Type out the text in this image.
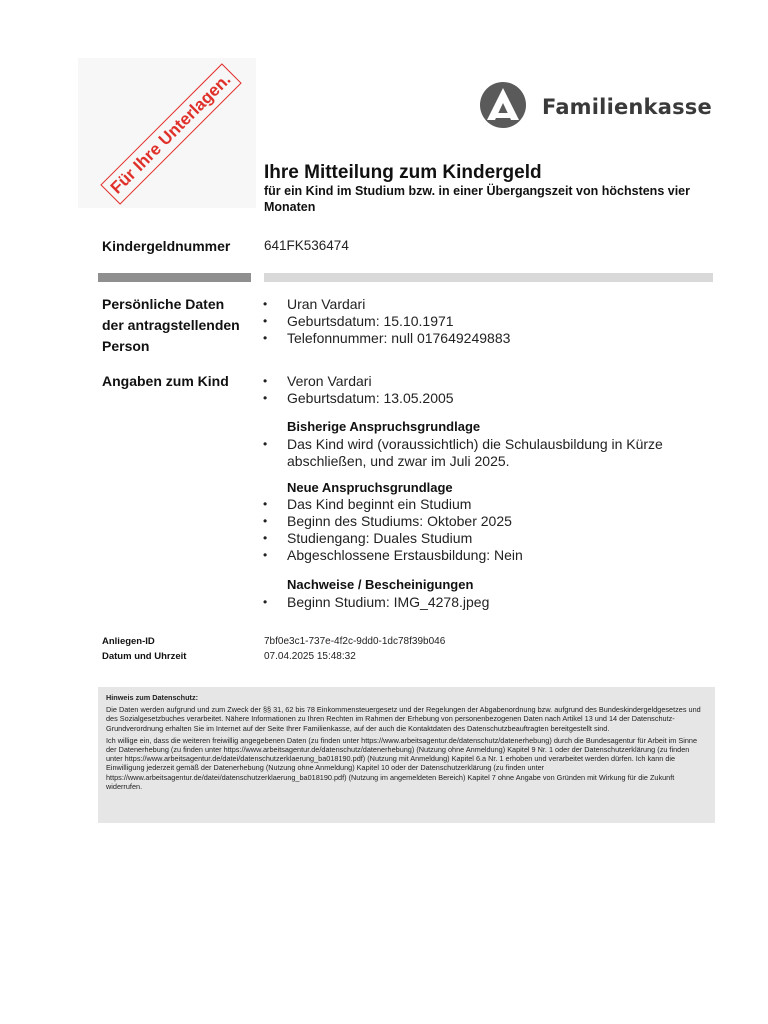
Für Ihre Unterlagen.	Familienkasse
Ihre Mitteilung zum Kindergeld
für ein Kind im Studium bzw. in einer Übergangszeit von höchstens vier Monaten
Kindergeldnummer 641FK536474
Persönliche Daten
der antragstellenden
Person
• Uran Vardari
• Geburtsdatum: 15.10.1971
• Telefonnummer: null 017649249883
Angaben zum Kind
•	Veron Vardari
• Geburtsdatum: 13.05.2005
Bisherige Anspruchsgrundlage
• Das Kind wird (voraussichtlich) die Schulausbildung in Kürze abschließen, und zwar im Juli 2025.
Neue Anspruchsgrundlage
• Das Kind beginnt ein Studium
• Beginn des Studiums: Oktober 2025
• Studiengang: Duales Studium
• Abgeschlossene Erstausbildung: Nein
Nachweise / Bescheinigungen
• Beginn Studium: IMG_4278.jpeg
Anliegen-ID	7bf0e3c1-737e-4f2c-9dd0-1dc78f39b046
Datum und Uhrzeit	07.04.2025 15:48:32

Hinweis zum Datenschutz:

Die Daten werden aufgrund und zum Zweck der §§ 31, 62 bis 78 Einkommensteuergesetz und der Regelungen der Abgabenordnung bzw. aufgrund des Bundeskindergeldgesetzes und des Sozialgesetzbuches verarbeitet. Nähere Informationen zu Ihren Rechten im Rahmen der Erhebung von personenbezogenen Daten nach Artikel 13 und 14 der Datenschutz-Grundverordnung erhalten Sie im Internet auf der Seite Ihrer Familienkasse, auf der auch die Kontaktdaten des Datenschutzbeauftragten bereitgestellt sind.

Ich willige ein, dass die weiteren freiwillig angegebenen Daten (zu finden unter https://www.arbeitsagentur.de/datenschutz/datenerhebung) durch die Bundesagentur für Arbeit im Sinne der Datenerhebung (zu finden unter https://www.arbeitsagentur.de/datenschutz/datenerhebung) (Nutzung ohne Anmeldung) Kapitel 9 Nr. 1 oder der Datenschutzerklärung (zu finden unter https://www.arbeitsagentur.de/datei/datenschutzerklaerung_ba018190.pdf) (Nutzung mit Anmeldung) Kapitel 6.a Nr. 1 erhoben und verarbeitet werden dürfen. Ich kann die Einwilligung jederzeit gemäß der Datenerhebung (Nutzung ohne Anmeldung) Kapitel 10 oder der Datenschutzerklärung (zu finden unter https://www.arbeitsagentur.de/datei/datenschutzerklaerung_ba018190.pdf) (Nutzung im angemeldeten Bereich) Kapitel 7 ohne Angabe von Gründen mit Wirkung für die Zukunft widerrufen.
